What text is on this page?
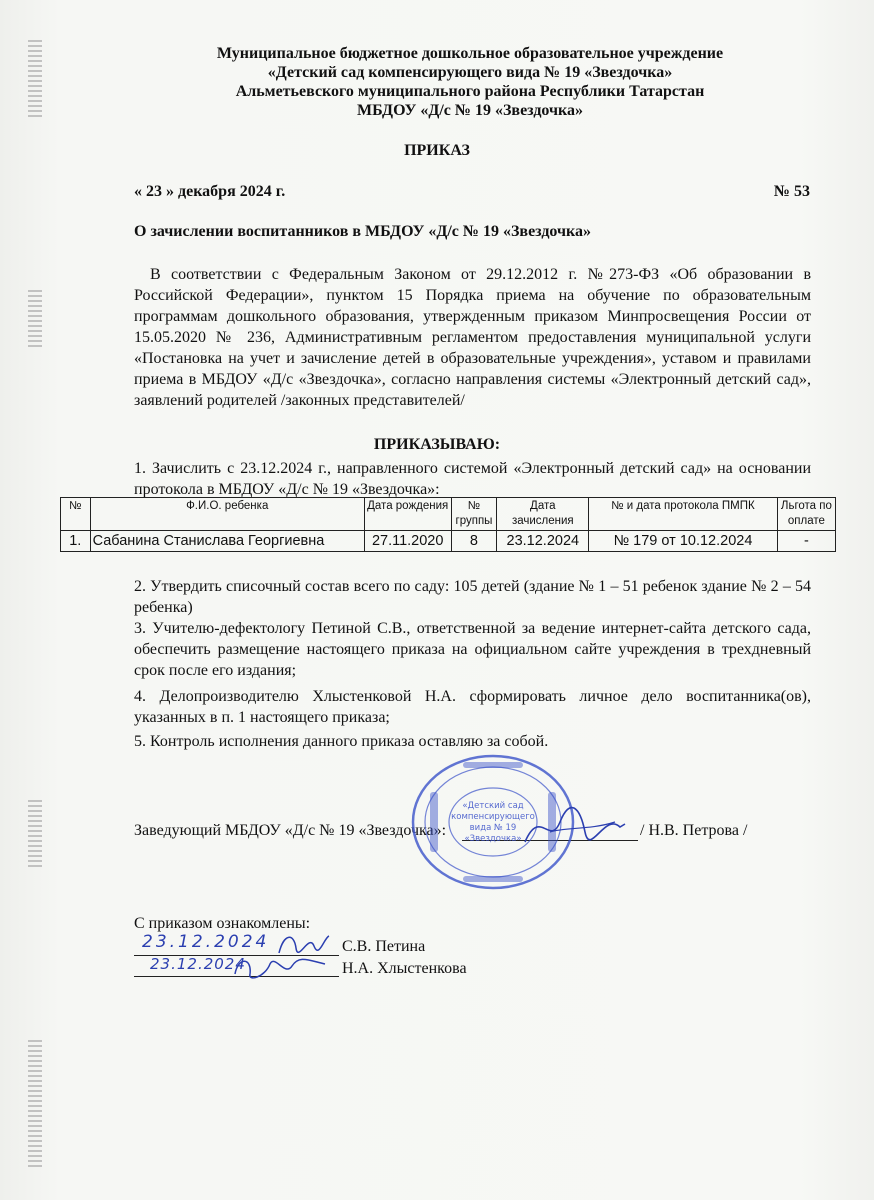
Муниципальное бюджетное дошкольное образовательное учреждение
«Детский сад компенсирующего вида № 19 «Звездочка»
Альметьевского муниципального района Республики Татарстан
МБДОУ «Д/с № 19 «Звездочка»
ПРИКАЗ
« 23 » декабря 2024 г.	№ 53
О зачислении воспитанников в МБДОУ «Д/с № 19 «Звездочка»
В соответствии с Федеральным Законом от 29.12.2012 г. №273-ФЗ «Об образовании в Российской Федерации», пунктом 15 Порядка приема на обучение по образовательным программам дошкольного образования, утвержденным приказом Минпросвещения России от 15.05.2020 № 236, Административным регламентом предоставления муниципальной услуги «Постановка на учет и зачисление детей в образовательные учреждения», уставом и правилами приема в МБДОУ «Д/с «Звездочка», согласно направления системы «Электронный детский сад», заявлений родителей /законных представителей/
ПРИКАЗЫВАЮ:
1. Зачислить с 23.12.2024 г., направленного системой «Электронный детский сад» на основании протокола в МБДОУ «Д/с № 19 «Звездочка»:
№	Ф.И.О. ребенка	Дата рождения	№ группы	Дата зачисления	№ и дата протокола ПМПК	Льгота по оплате
1.	Сабанина Станислава Георгиевна	27.11.2020	8	23.12.2024	№ 179 от 10.12.2024	-
2. Утвердить списочный состав всего по саду: 105 детей (здание № 1 – 51 ребенок здание № 2 – 54 ребенка)
3. Учителю-дефектологу Петиной С.В., ответственной за ведение интернет-сайта детского сада, обеспечить размещение настоящего приказа на официальном сайте учреждения в трехдневный срок после его издания;
4. Делопроизводителю Хлыстенковой Н.А. сформировать личное дело воспитанника(ов), указанных в п. 1 настоящего приказа;
5. Контроль исполнения данного приказа оставляю за собой.
Заведующий МБДОУ «Д/с № 19 «Звездочка»:	/ Н.В. Петрова /
«Детский сад
компенсирующего
вида № 19
«Звездочка»
С приказом ознакомлены:
23.12.2024	С.В. Петина
23.12.2024	Н.А. Хлыстенкова
